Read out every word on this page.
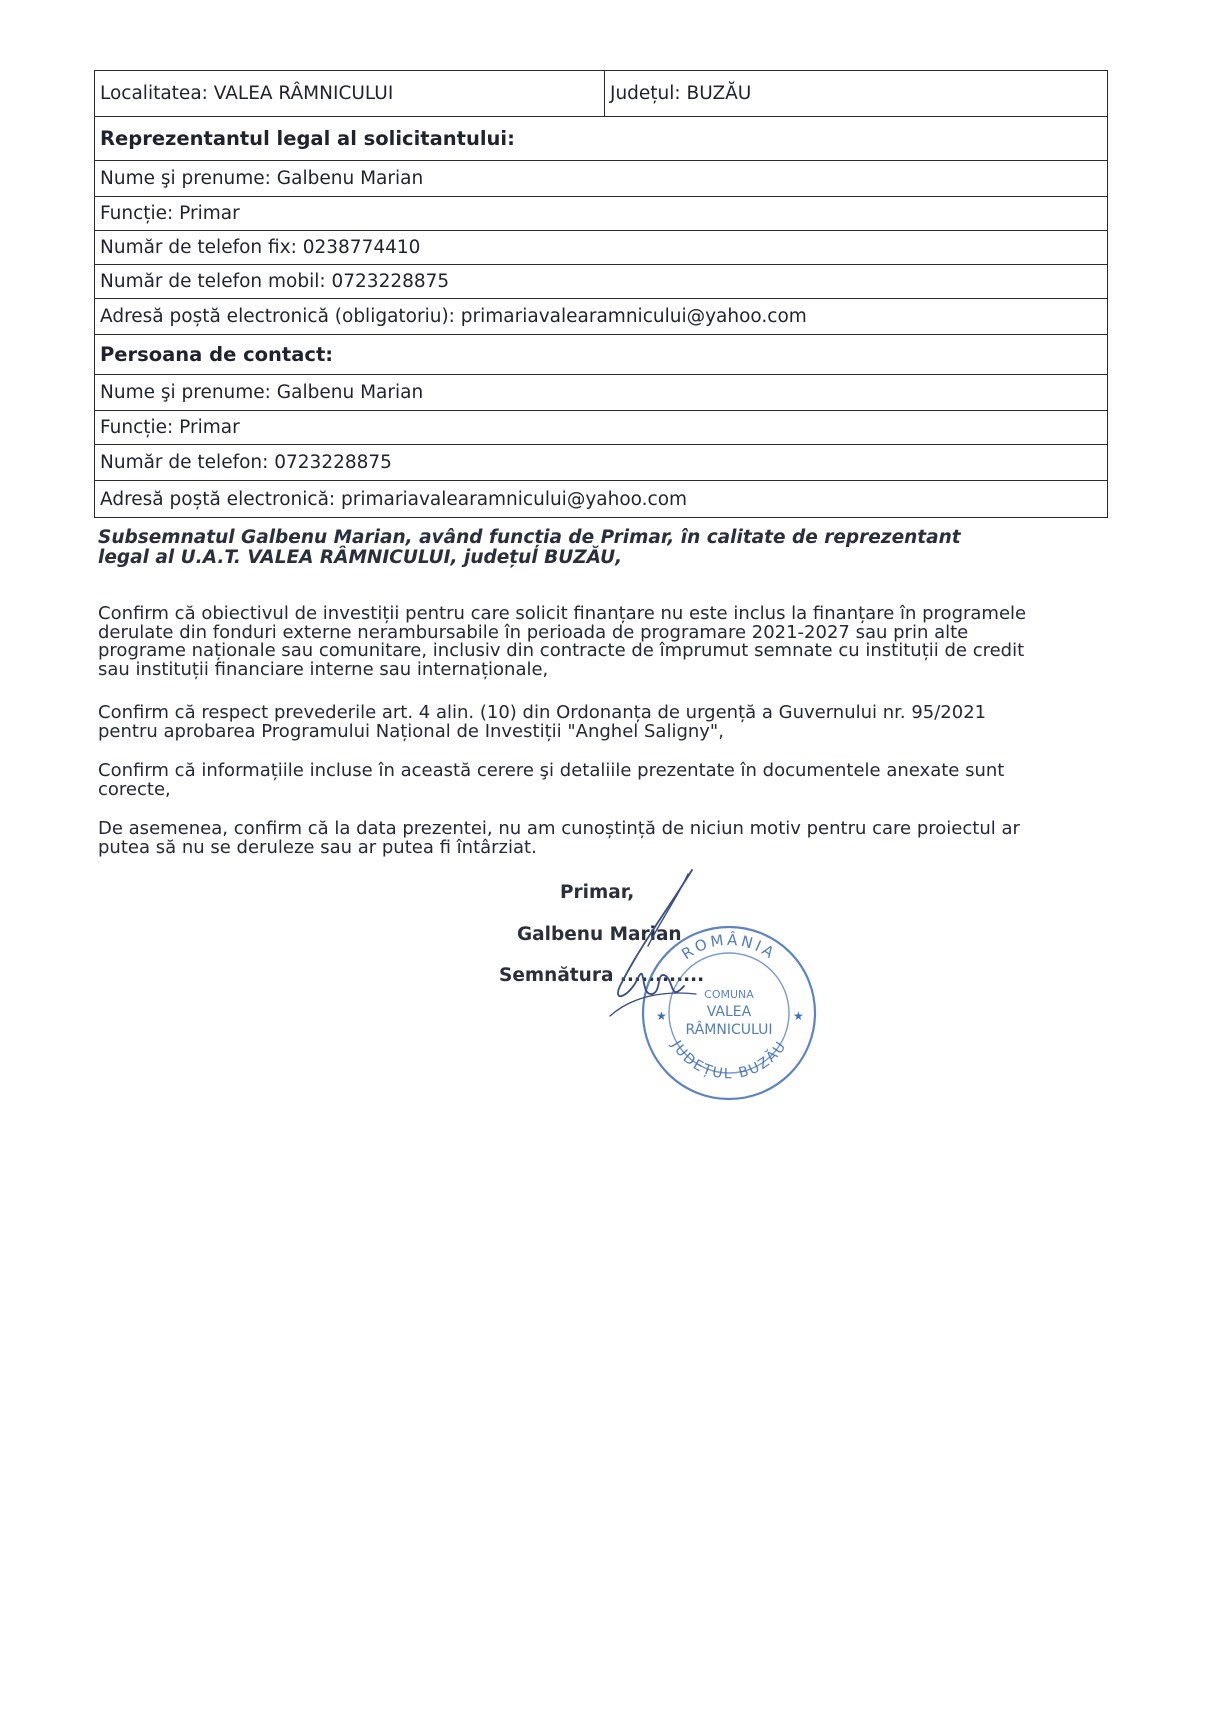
Localitatea: VALEA RÂMNICULUI	Județul: BUZĂU
Reprezentantul legal al solicitantului:
Nume şi prenume: Galbenu Marian
Funcție: Primar
Număr de telefon fix: 0238774410
Număr de telefon mobil: 0723228875
Adresă poștă electronică (obligatoriu): primariavalearamnicului@yahoo.com
Persoana de contact:
Nume şi prenume: Galbenu Marian
Funcție: Primar
Număr de telefon: 0723228875
Adresă poștă electronică: primariavalearamnicului@yahoo.com
Subsemnatul Galbenu Marian, având funcția de Primar, în calitate de reprezentant legal al U.A.T. VALEA RÂMNICULUI, județul BUZĂU,
Confirm că obiectivul de investiții pentru care solicit finanțare nu este inclus la finanțare în programele derulate din fonduri externe nerambursabile în perioada de programare 2021-2027 sau prin alte programe naționale sau comunitare, inclusiv din contracte de împrumut semnate cu instituții de credit sau instituții financiare interne sau internaționale,
Confirm că respect prevederile art. 4 alin. (10) din Ordonanța de urgență a Guvernului nr. 95/2021 pentru aprobarea Programului Național de Investiții "Anghel Saligny",
Confirm că informațiile incluse în această cerere şi detaliile prezentate în documentele anexate sunt corecte,
De asemenea, confirm că la data prezentei, nu am cunoștință de niciun motiv pentru care proiectul ar putea să nu se deruleze sau ar putea fi întârziat.
Primar,
Galbenu Marian
Semnătura ............
ROMÂNIA
JUDEȚUL BUZĂU
COMUNA
VALEA
RÂMNICULUI
★	★
